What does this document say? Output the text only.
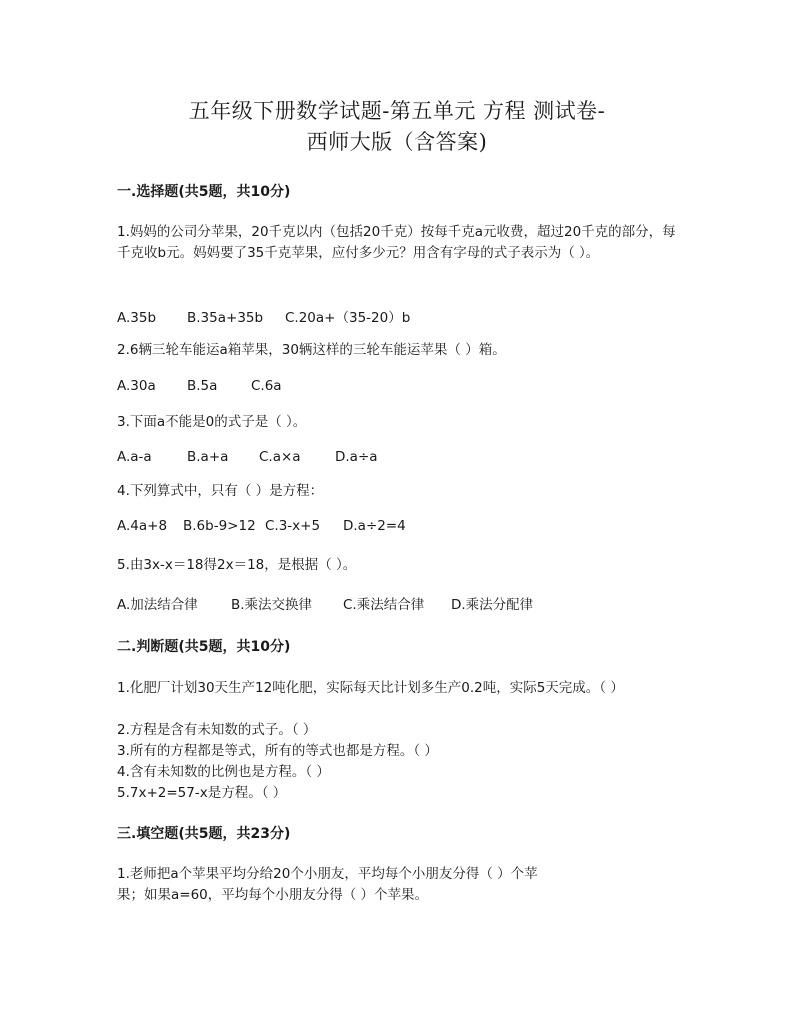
五年级下册数学试题-第五单元 方程 测试卷-
西师大版（含答案)
一.选择题(共5题，共10分)
1.妈妈的公司分苹果，20千克以内（包括20千克）按每千克a元收费，超过20千克的部分，每千克收b元。妈妈要了35千克苹果，应付多少元？用含有字母的式子表示为（ ）。
A.35b B.35a+35b C.20a+（35-20）b
2.6辆三轮车能运a箱苹果，30辆这样的三轮车能运苹果（ ）箱。
A.30a B.5a C.6a
3.下面a不能是0的式子是（ ）。
A.a-a	B.a+a C.a×a	D.a÷a
4.下列算式中，只有（ ）是方程：
A.4a+8 B.6b-9>12 C.3-x+5 D.a÷2=4
5.由3x-x＝18得2x＝18，是根据（ ）。
A.加法结合律 B.乘法交换律 C.乘法结合律 D.乘法分配律
二.判断题(共5题，共10分)
1.化肥厂计划30天生产12吨化肥，实际每天比计划多生产0.2吨，实际5天完成。（ ）
2.方程是含有未知数的式子。（ ）
3.所有的方程都是等式，所有的等式也都是方程。（ ）
4.含有未知数的比例也是方程。（ ）
5.7x+2=57-x是方程。（ ）
三.填空题(共5题，共23分)
1.老师把a个苹果平均分给20个小朋友，平均每个小朋友分得（ ）个苹果；如果a=60，平均每个小朋友分得（ ）个苹果。
